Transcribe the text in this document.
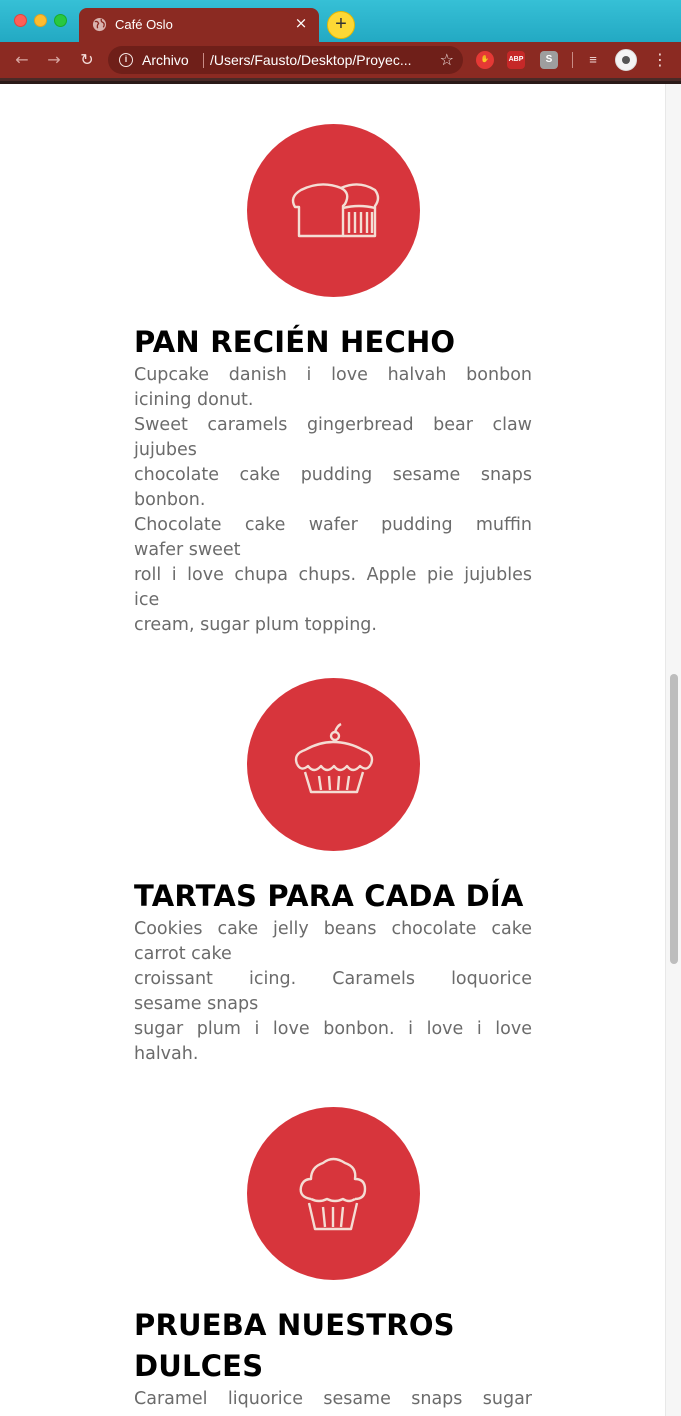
Café Oslo	×	+
← → ↻	i	Archivo /Users/Fausto/Desktop/Proyec...	☆	✋	ABP	S	≡	⋮
PAN RECIÉN HECHO
Cupcake danish i love halvah bonbon
icining donut.
Sweet caramels gingerbread bear claw
jujubes
chocolate cake pudding sesame snaps
bonbon.
Chocolate cake wafer pudding muffin
wafer sweet
roll i love chupa chups. Apple pie jujubles
ice
cream, sugar plum topping.
TARTAS PARA CADA DÍA
Cookies cake jelly beans chocolate cake
carrot cake
croissant icing. Caramels loquorice
sesame snaps
sugar plum i love bonbon. i love i love
halvah.
PRUEBA NUESTROS
DULCES
Caramel liquorice sesame snaps sugar
